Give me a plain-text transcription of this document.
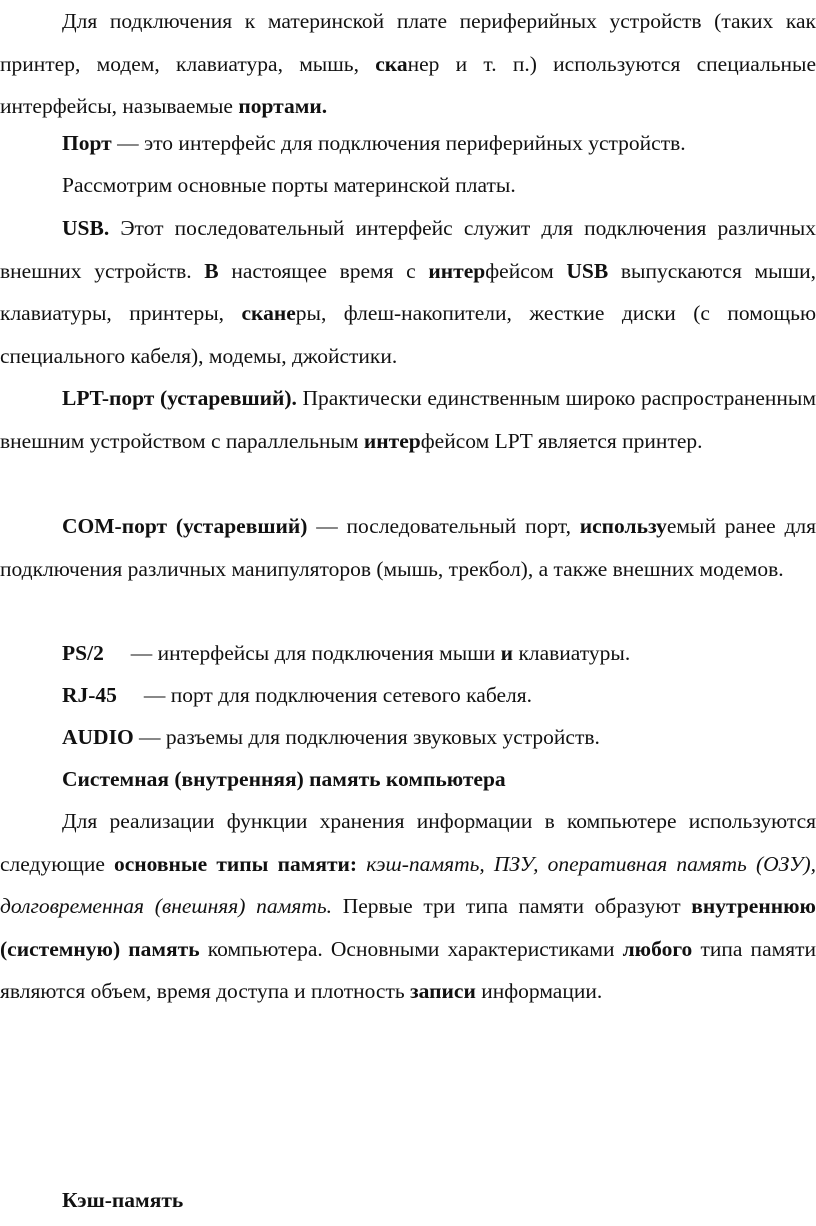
Для подключения к материнской плате периферийных устройств (таких как принтер, модем, клавиатура, мышь, сканер и т. п.) используются специальные интерфейсы, называемые портами.

Порт — это интерфейс для подключения периферийных устройств.

Рассмотрим основные порты материнской платы.

USB. Этот последовательный интерфейс служит для подключения различных внешних устройств. В настоящее время с интерфейсом USB выпускаются мыши, клавиатуры, принтеры, сканеры, флеш-накопители, жесткие диски (с помощью специального кабеля), модемы, джойстики.

LPT-порт (устаревший). Практически единственным широко распространенным внешним устройством с параллельным интерфейсом LPT является принтер.

СОМ-порт (устаревший) — последовательный порт, используемый ранее для подключения различных манипуляторов (мышь, трекбол), а также внешних модемов.

PS/2     — интерфейсы для подключения мыши и клавиатуры.

RJ-45     — порт для подключения сетевого кабеля.

AUDIO — разъемы для подключения звуковых устройств.

Системная (внутренняя) память компьютера

Для реализации функции хранения информации в компьютере используются следующие основные типы памяти: кэш-память, ПЗУ, оперативная память (ОЗУ), долговременная (внешняя) память. Первые три типа памяти образуют внутреннюю (системную) память компьютера. Основными характеристиками любого типа памяти являются объем, время доступа и плотность записи информации.

Кэш-память
